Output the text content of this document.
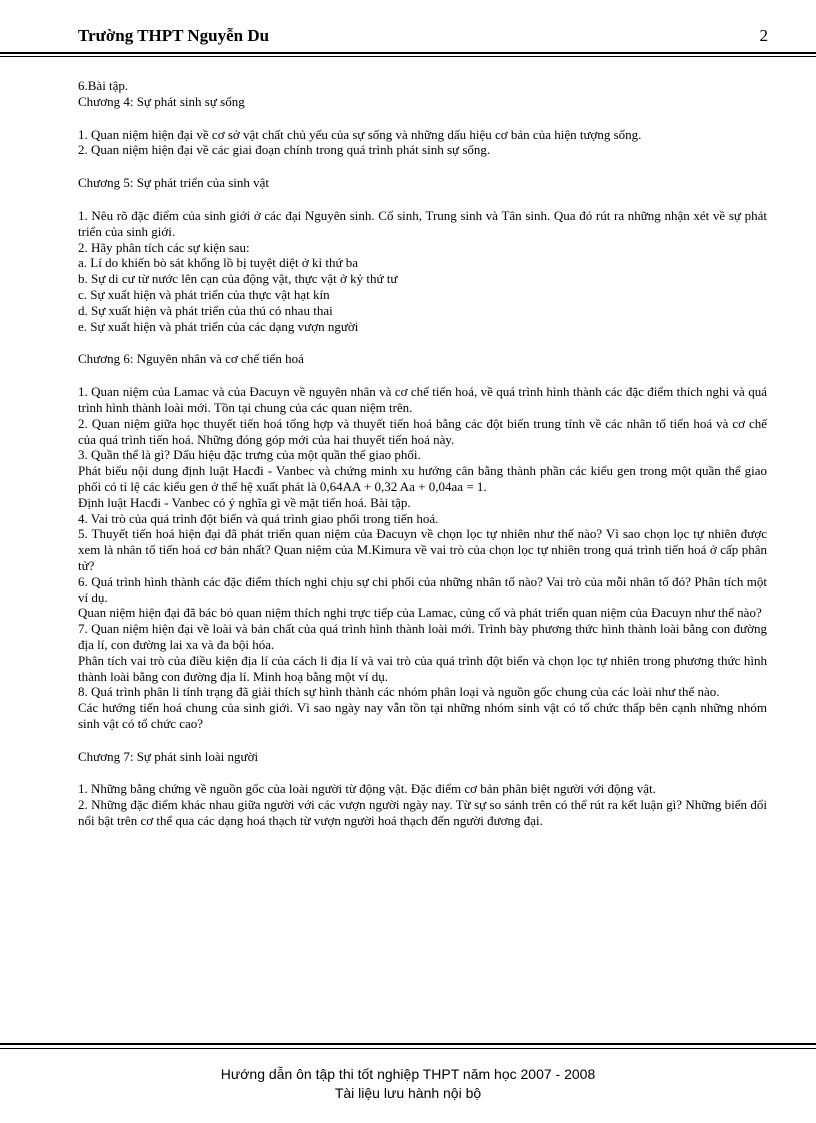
Trường THPT Nguyễn Du	2

6.Bài tập.

Chương 4: Sự phát sinh sự sống

1. Quan niệm hiện đại về cơ sở vật chất chủ yếu của sự sống và những dấu hiệu cơ bản của hiện tượng sống.

2. Quan niệm hiện đại về các giai đoạn chính trong quá trình phát sinh sự sống.

Chương 5: Sự phát triển của sinh vật

1. Nêu rõ đặc điểm của sinh giới ở các đại Nguyên sinh. Cổ sinh, Trung sinh và Tân sinh. Qua đó rút ra những nhận xét về sự phát triển của sinh giới.

2. Hãy phân tích các sự kiện sau:

a. Lí do khiến bò sát khổng lồ bị tuyệt diệt ở kỉ thứ ba

b. Sự di cư từ nước lên cạn của động vật, thực vật ở kỷ thứ tư

c. Sự xuất hiện và phát triển của thực vật hạt kín

d. Sự xuất hiện và phát triển của thú có nhau thai

e. Sự xuất hiện và phát triển của các dạng vượn người

Chương 6: Nguyên nhân và cơ chế tiến hoá

1. Quan niệm của Lamac và của Đacuyn về nguyên nhân và cơ chế tiến hoá, về quá trình hình thành các đặc điểm thích nghi và quá trình hình thành loài mới. Tồn tại chung của các quan niệm trên.

2. Quan niệm giữa học thuyết tiến hoá tổng hợp và thuyết tiến hoá bằng các đột biến trung tính về các nhân tố tiến hoá và cơ chế của quá trình tiến hoá. Những đóng góp mới của hai thuyết tiến hoá này.

3. Quần thể là gì? Dấu hiệu đặc trưng của một quần thể giao phối.

Phát biểu nội dung định luật Hacđi - Vanbec và chứng minh xu hướng cân bằng thành phần các kiểu gen trong một quần thể giao phối có tỉ lệ các kiểu gen ở thế hệ xuất phát là 0,64AA + 0,32 Aa + 0,04aa = 1.

Định luật Hacđi - Vanbec có ý nghĩa gì về mặt tiến hoá. Bài tập.

4. Vai trò của quá trình đột biến và quá trình giao phối trong tiến hoá.

5. Thuyết tiến hoá hiện đại đã phát triển quan niệm của Đacuyn về chọn lọc tự nhiên như thế nào? Vì sao chọn lọc tự nhiên được xem là nhân tố tiến hoá cơ bản nhất? Quan niệm của M.Kimura về vai trò của chọn lọc tự nhiên trong quá trình tiến hoá ở cấp phân tử?

6. Quá trình hình thành các đặc điểm thích nghi chịu sự chi phối của những nhân tố nào? Vai trò của mỗi nhân tố đó? Phân tích một ví dụ.

Quan niệm hiện đại đã bác bỏ quan niệm thích nghi trực tiếp của Lamac, củng cố và phát triển quan niệm của Đacuyn như thế nào?

7. Quan niệm hiện đại về loài và bản chất của quá trình hình thành loài mới. Trình bày phương thức hình thành loài bằng con đường địa lí, con đường lai xa và đa bội hóa.

Phân tích vai trò của điều kiện địa lí của cách li địa lí và vai trò của quá trình đột biến và chọn lọc tự nhiên trong phương thức hình thành loài bằng con đường địa lí. Minh hoạ bằng một ví dụ.

8. Quá trình phân li tính trạng đã giải thích sự hình thành các nhóm phân loại và nguồn gốc chung của các loài như thế nào.

Các hướng tiến hoá chung của sinh giới. Vì sao ngày nay vẫn tồn tại những nhóm sinh vật có tổ chức thấp bên cạnh những nhóm sinh vật có tổ chức cao?

Chương 7: Sự phát sinh loài người

1. Những bằng chứng về nguồn gốc của loài người từ động vật. Đặc điểm cơ bản phân biệt người với động vật.

2. Những đặc điểm khác nhau giữa người với các vượn người ngày nay. Từ sự so sánh trên có thể rút ra kết luận gì? Những biến đổi nổi bật trên cơ thể qua các dạng hoá thạch từ vượn người hoá thạch đến người đương đại.

Hướng dẫn ôn tập thi tốt nghiệp THPT năm học 2007 - 2008
Tài liệu lưu hành nội bộ
